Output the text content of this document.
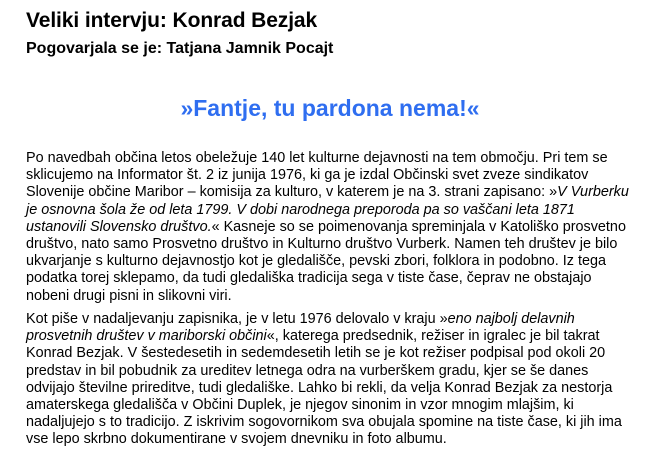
Veliki intervju: Konrad Bezjak
Pogovarjala se je: Tatjana Jamnik Pocajt
»Fantje, tu pardona nema!«

Po navedbah občina letos obeležuje 140 let kulturne dejavnosti na tem območju. Pri tem se sklicujemo na Informator št. 2 iz junija 1976, ki ga je izdal Občinski svet zveze sindikatov Slovenije občine Maribor – komisija za kulturo, v katerem je na 3. strani zapisano: »V Vurberku je osnovna šola že od leta 1799. V dobi narodnega preporoda pa so vaščani leta 1871 ustanovili Slovensko društvo.« Kasneje so se poimenovanja spreminjala v Katoliško prosvetno društvo, nato samo Prosvetno društvo in Kulturno društvo Vurberk. Namen teh društev je bilo ukvarjanje s kulturno dejavnostjo kot je gledališče, pevski zbori, folklora in podobno. Iz tega podatka torej sklepamo, da tudi gledališka tradicija sega v tiste čase, čeprav ne obstajajo nobeni drugi pisni in slikovni viri.

Kot piše v nadaljevanju zapisnika, je v letu 1976 delovalo v kraju »eno najbolj delavnih prosvetnih društev v mariborski občini«, katerega predsednik, režiser in igralec je bil takrat Konrad Bezjak. V šestedesetih in sedemdesetih letih se je kot režiser podpisal pod okoli 20 predstav in bil pobudnik za ureditev letnega odra na vurberškem gradu, kjer se še danes odvijajo številne prireditve, tudi gledališke. Lahko bi rekli, da velja Konrad Bezjak za nestorja amaterskega gledališča v Občini Duplek, je njegov sinonim in vzor mnogim mlajšim, ki nadaljujejo s to tradicijo. Z iskrivim sogovornikom sva obujala spomine na tiste čase, ki jih ima vse lepo skrbno dokumentirane v svojem dnevniku in foto albumu.
